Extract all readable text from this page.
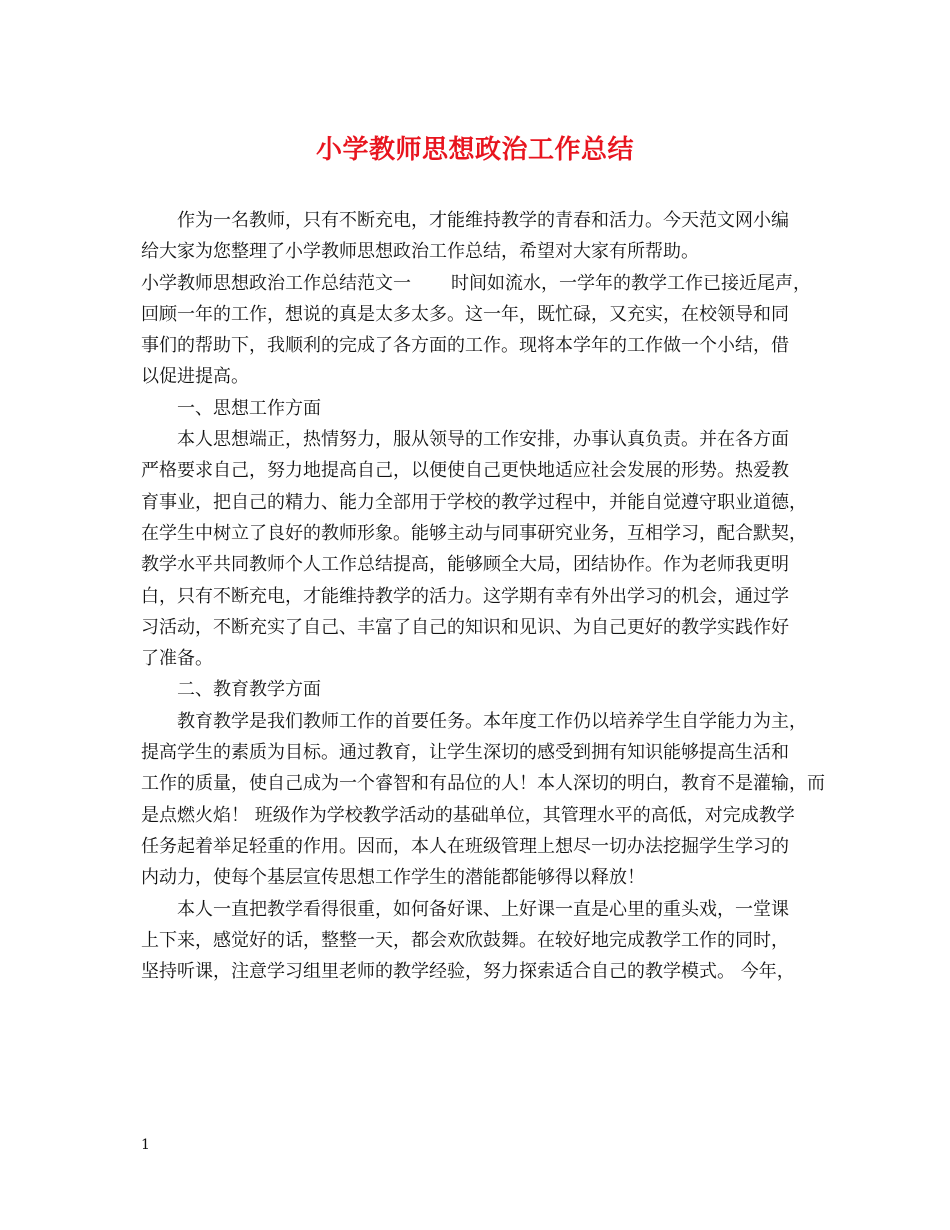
小学教师思想政治工作总结
作为一名教师，只有不断充电，才能维持教学的青春和活力。今天范文网小编
给大家为您整理了小学教师思想政治工作总结，希望对大家有所帮助。
小学教师思想政治工作总结范文一 时间如流水，一学年的教学工作已接近尾声，
回顾一年的工作，想说的真是太多太多。这一年，既忙碌，又充实，在校领导和同
事们的帮助下，我顺利的完成了各方面的工作。现将本学年的工作做一个小结，借
以促进提高。
一、思想工作方面
本人思想端正，热情努力，服从领导的工作安排，办事认真负责。并在各方面
严格要求自己，努力地提高自己，以便使自己更快地适应社会发展的形势。热爱教
育事业，把自己的精力、能力全部用于学校的教学过程中，并能自觉遵守职业道德，
在学生中树立了良好的教师形象。能够主动与同事研究业务，互相学习，配合默契，
教学水平共同教师个人工作总结提高，能够顾全大局，团结协作。作为老师我更明
白，只有不断充电，才能维持教学的活力。这学期有幸有外出学习的机会，通过学
习活动，不断充实了自己、丰富了自己的知识和见识、为自己更好的教学实践作好
了准备。
二、教育教学方面
教育教学是我们教师工作的首要任务。本年度工作仍以培养学生自学能力为主，
提高学生的素质为目标。通过教育，让学生深切的感受到拥有知识能够提高生活和
工作的质量，使自己成为一个睿智和有品位的人！本人深切的明白，教育不是灌输，而
是点燃火焰！ 班级作为学校教学活动的基础单位，其管理水平的高低，对完成教学
任务起着举足轻重的作用。因而，本人在班级管理上想尽一切办法挖掘学生学习的
内动力，使每个基层宣传思想工作学生的潜能都能够得以释放！
本人一直把教学看得很重，如何备好课、上好课一直是心里的重头戏，一堂课
上下来，感觉好的话，整整一天，都会欢欣鼓舞。在较好地完成教学工作的同时，
坚持听课，注意学习组里老师的教学经验，努力探索适合自己的教学模式。 今年，
1
